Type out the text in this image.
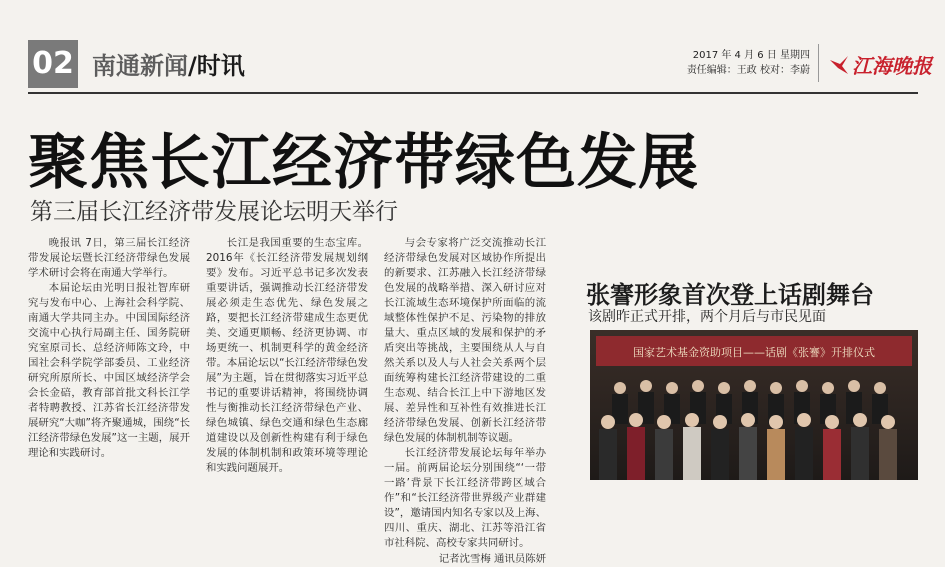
02 南通新闻/时讯	2017 年 4 月 6 日 星期四
责任编辑：王政 校对：李蔚 江海晚报
聚焦长江经济带绿色发展
第三届长江经济带发展论坛明天举行

晚报讯 7日，第三届长江经济带发展论坛暨长江经济带绿色发展学术研讨会将在南通大学举行。

本届论坛由光明日报社智库研究与发布中心、上海社会科学院、南通大学共同主办。中国国际经济交流中心执行局副主任、国务院研究室原司长、总经济师陈文玲，中国社会科学院学部委员、工业经济研究所原所长、中国区域经济学会会长金碚，教育部首批文科长江学者特聘教授、江苏省长江经济带发展研究“大咖”将齐聚通城，围绕“长江经济带绿色发展”这一主题，展开理论和实践研讨。

长江是我国重要的生态宝库。2016年《长江经济带发展规划纲要》发布。习近平总书记多次发表重要讲话，强调推动长江经济带发展必须走生态优先、绿色发展之路，要把长江经济带建成生态更优美、交通更顺畅、经济更协调、市场更统一、机制更科学的黄金经济带。本届论坛以“长江经济带绿色发展”为主题，旨在贯彻落实习近平总书记的重要讲话精神，将围绕协调性与衡推动长江经济带绿色产业、绿色城镇、绿色交通和绿色生态廊道建设以及创新性构建有利于绿色发展的体制机制和政策环境等理论和实践问题展开。

与会专家将广泛交流推动长江经济带绿色发展对区域协作所提出的新要求、江苏融入长江经济带绿色发展的战略举措、深入研讨应对长江流域生态环境保护所面临的流域整体性保护不足、污染物的排放量大、重点区域的发展和保护的矛盾突出等挑战，主要围绕从人与自然关系以及人与人社会关系两个层面统筹构建长江经济带建设的二重生态观、结合长江上中下游地区发展、差异性和互补性有效推进长江经济带绿色发展、创新长江经济带绿色发展的体制机制等议题。

长江经济带发展论坛每年举办一届。前两届论坛分别围绕“‘一带一路’背景下长江经济带跨区域合作”和“长江经济带世界级产业群建设”，邀请国内知名专家以及上海、四川、重庆、湖北、江苏等沿江省市社科院、高校专家共同研讨。

记者沈雪梅 通讯员陈妍

张謇形象首次登上话剧舞台
该剧昨正式开排，两个月后与市民见面
国家艺术基金资助项目——话剧《张謇》开排仪式
